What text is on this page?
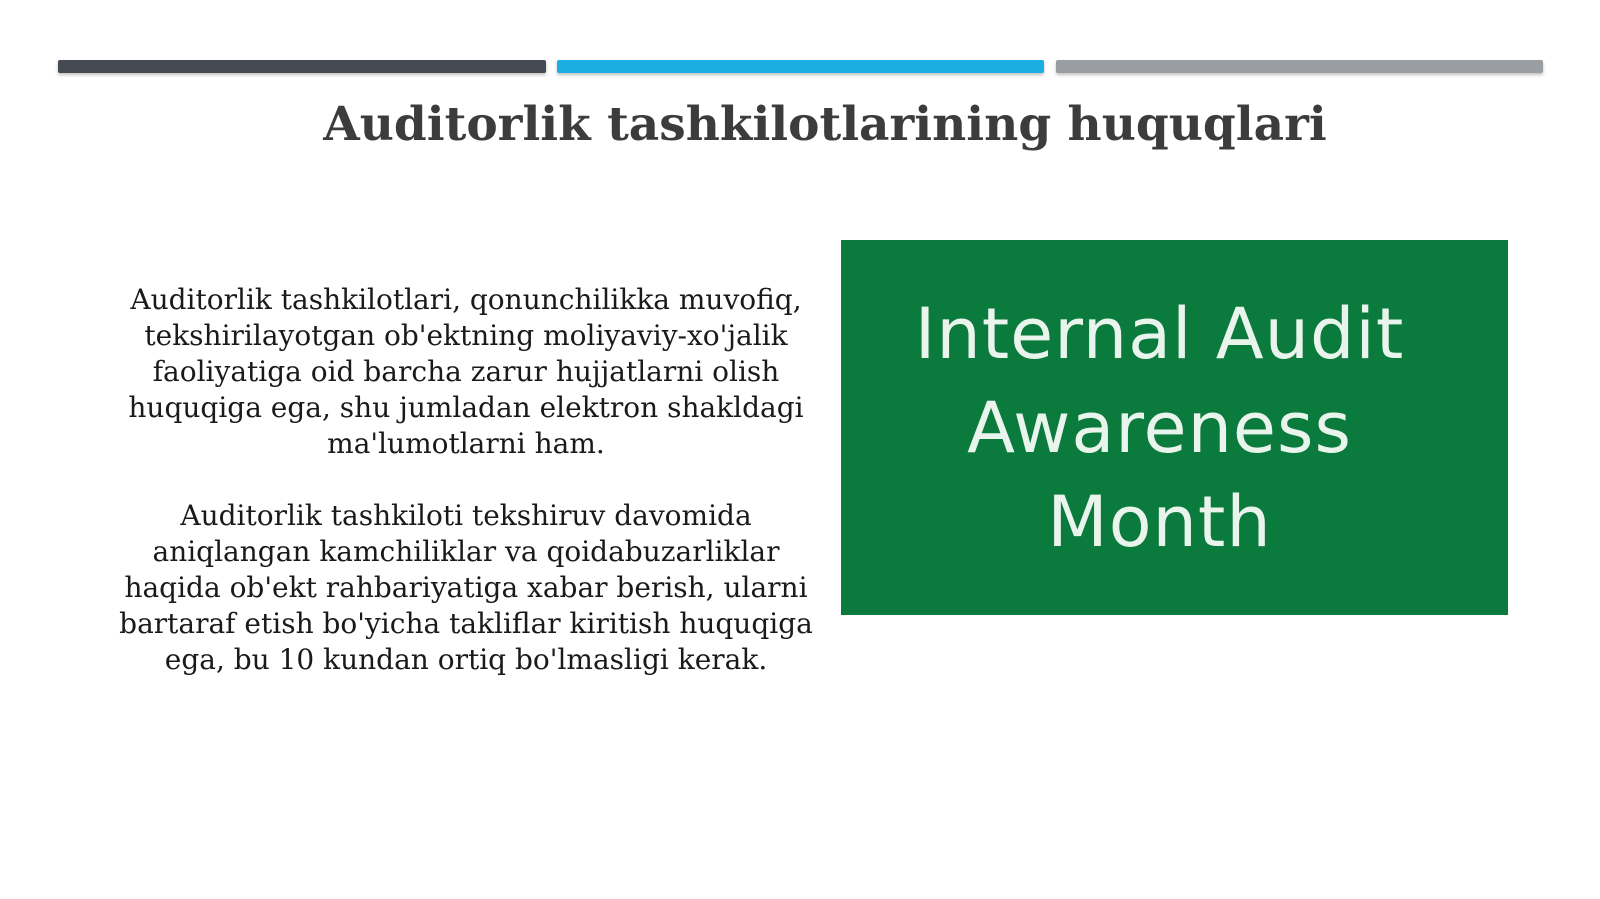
Auditorlik tashkilotlarining huquqlari

Auditorlik tashkilotlari, qonunchilikka muvofiq, tekshirilayotgan ob'ektning moliyaviy-xo'jalik faoliyatiga oid barcha zarur hujjatlarni olish huquqiga ega, shu jumladan elektron shakldagi ma'lumotlarni ham.

Auditorlik tashkiloti tekshiruv davomida aniqlangan kamchiliklar va qoidabuzarliklar haqida ob'ekt rahbariyatiga xabar berish, ularni bartaraf etish bo'yicha takliflar kiritish huquqiga ega, bu 10 kundan ortiq bo'lmasligi kerak.

Internal Audit
Awareness
Month
